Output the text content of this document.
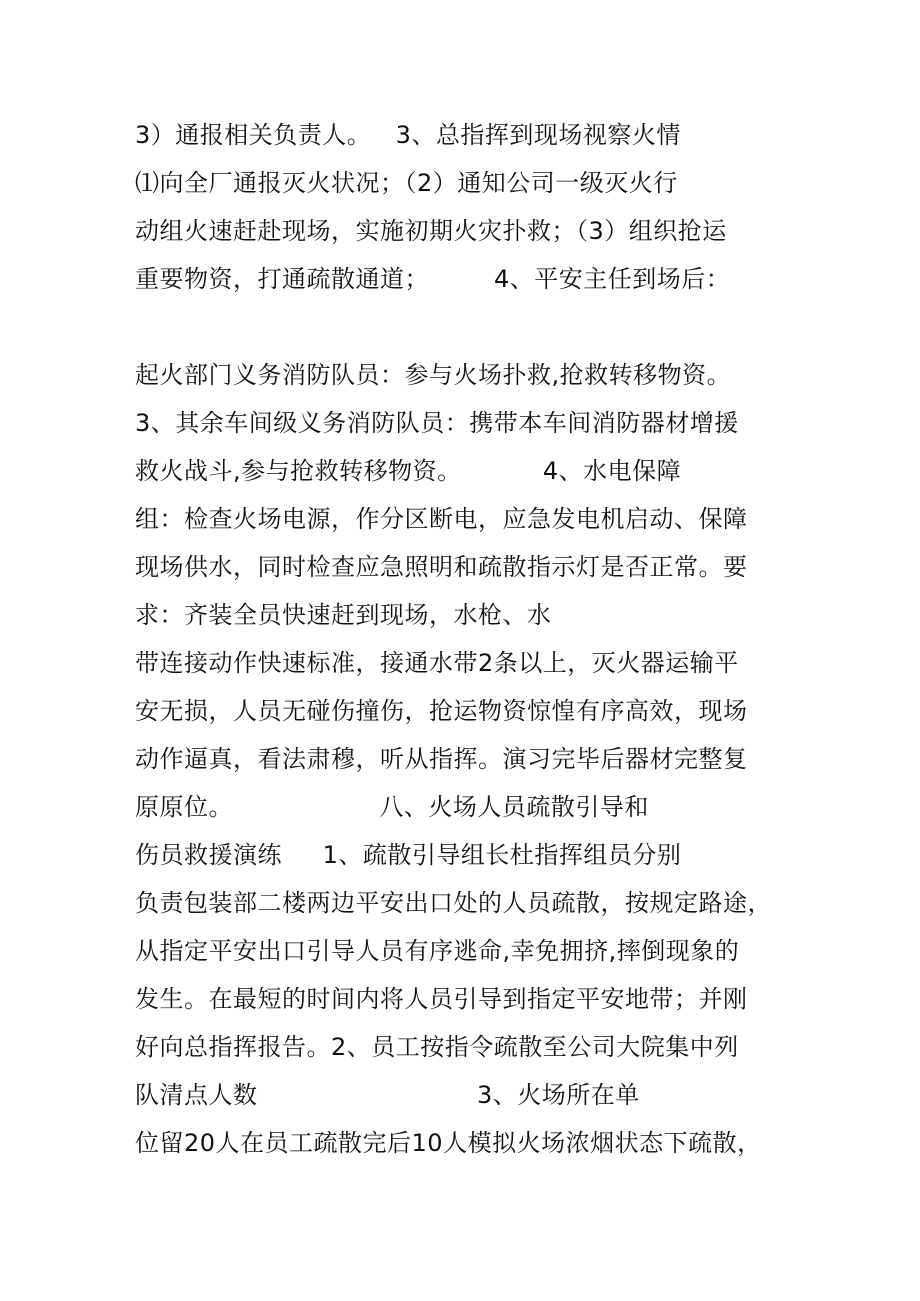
3）通报相关负责人。   3、总指挥到现场视察火情
⑴向全厂通报灭火状况；（2）通知公司一级灭火行
动组火速赶赴现场，实施初期火灾扑救；（3）组织抢运
重要物资，打通疏散通道；        4、平安主任到场后：
起火部门义务消防队员：参与火场扑救,抢救转移物资。
3、其余车间级义务消防队员：携带本车间消防器材增援
救火战斗,参与抢救转移物资。          4、水电保障
组：检查火场电源，作分区断电，应急发电机启动、保障
现场供水，同时检查应急照明和疏散指示灯是否正常。要
求：齐装全员快速赶到现场，水枪、水
带连接动作快速标准，接通水带2条以上，灭火器运输平
安无损，人员无碰伤撞伤，抢运物资惊惶有序高效，现场
动作逼真，看法肃穆，听从指挥。演习完毕后器材完整复
原原位。                  八、火场人员疏散引导和
伤员救援演练     1、疏散引导组长杜指挥组员分别
负责包装部二楼两边平安出口处的人员疏散，按规定路途，
从指定平安出口引导人员有序逃命,幸免拥挤,摔倒现象的
发生。在最短的时间内将人员引导到指定平安地带；并刚
好向总指挥报告。2、员工按指令疏散至公司大院集中列
队清点人数                           3、火场所在单
位留20人在员工疏散完后10人模拟火场浓烟状态下疏散，
